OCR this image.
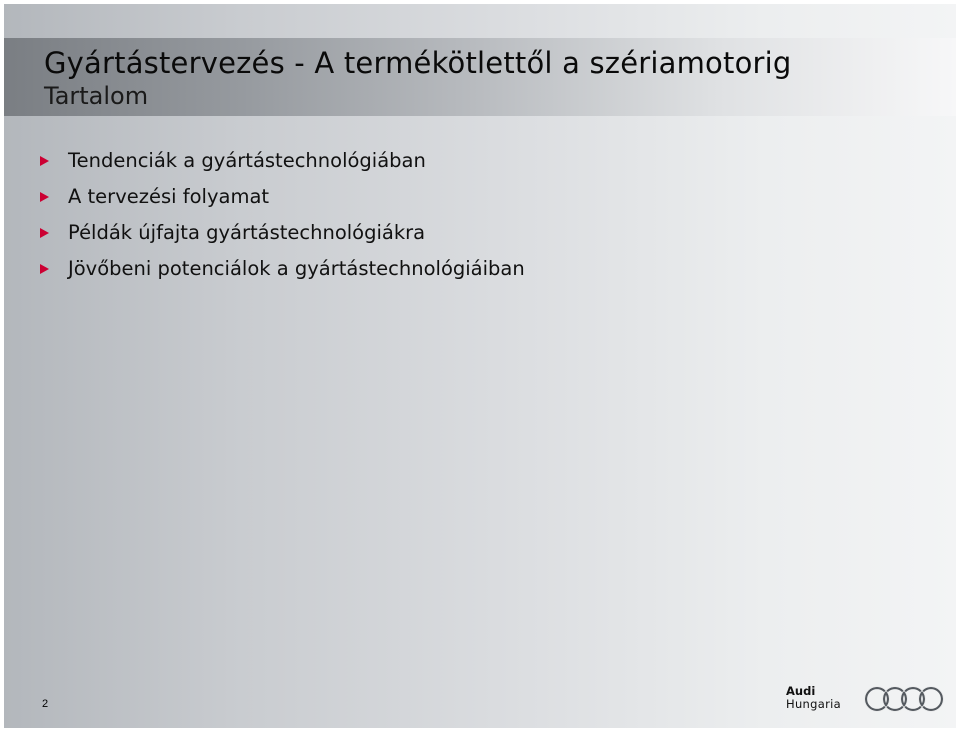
Gyártástervezés - A termékötlettől a szériamotorig
Tartalom
Tendenciák a gyártástechnológiában
A tervezési folyamat
Példák újfajta gyártástechnológiákra
Jövőbeni potenciálok a gyártástechnológiáiban
2
Audi
Hungaria
